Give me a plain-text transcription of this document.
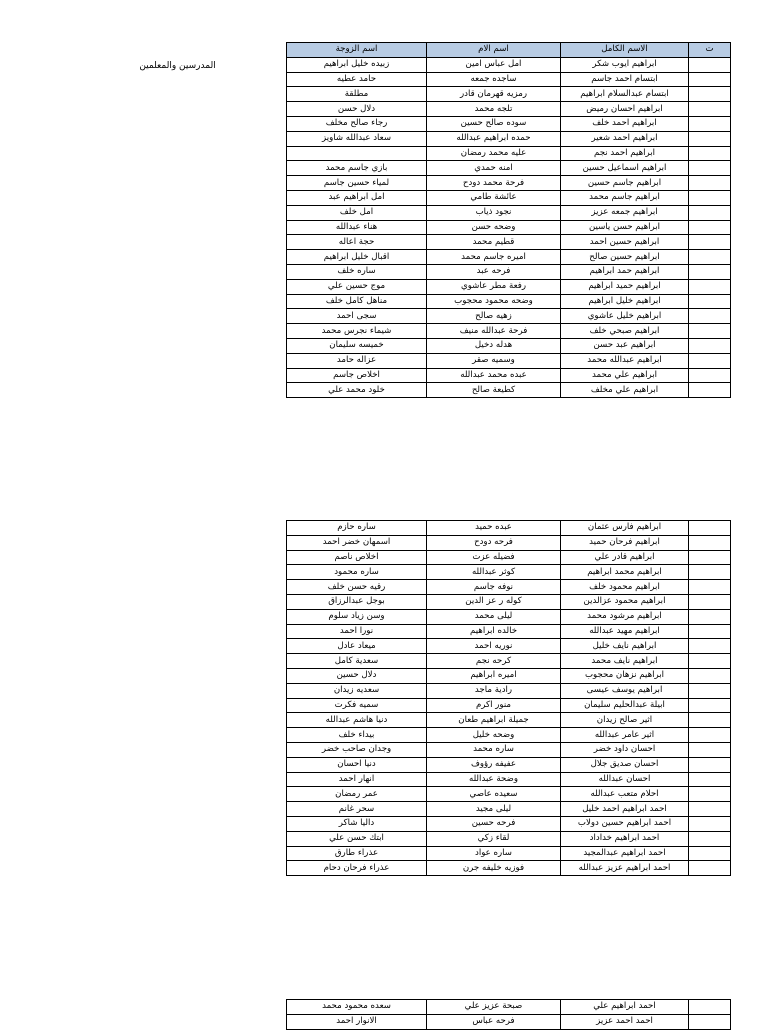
المدرسين والمعلمين
ت	الاسم الكامل	اسم الام	اسم الزوجة
	ابراهيم ايوب شكر	امل عباس امين	زبيده خليل ابراهيم
	ابتسام احمد جاسم	ساجده جمعه	حامد عطيه
	ابتسام عبدالسلام ابراهيم	رمزيه قهرمان قادر	مطلقة
	ابراهيم احسان رميض	تلجه محمد	دلال حسن
	ابراهيم احمد خلف	سوده صالح حسين	رجاء صالح مخلف
	ابراهيم احمد شعير	حمده ابراهيم عبدالله	سعاد عبدالله شاويز
	ابراهيم احمد نجم	عليه محمد رمضان	
	ابراهيم اسماعيل حسين	امنه حمدي	بازي جاسم محمد
	ابراهيم جاسم حسين	فرحة محمد دودح	لمياء حسين جاسم
	ابراهيم جاسم محمد	عائشة طامي	امل ابراهيم عبد
	ابراهيم جمعه عزيز	نجود ذياب	امل خلف
	ابراهيم حسن ياسين	وضحه حسن	هناء عبدالله
	ابراهيم حسين احمد	قطيم محمد	حجة اعاله
	ابراهيم حسين صالح	اميره جاسم محمد	اقبال خليل ابراهيم
	ابراهيم حمد ابراهيم	فرحه عبد	ساره خلف
	ابراهيم حميد ابراهيم	رفعة مطر عاشوي	موج حسين علي
	ابراهيم خليل ابراهيم	وضحه محمود محجوب	مناهل كامل خلف
	ابراهيم خليل عاشوي	زهيه صالح	سجى احمد
	ابراهيم صبحي خلف	فرحة عبدالله منيف	شيماء نجرس محمد
	ابراهيم عبد حسن	هدله دخيل	خميسه سليمان
	ابراهيم عبدالله محمد	وسميه صقر	عزاله حامد
	ابراهيم علي محمد	عبده محمد عبدالله	اخلاص جاسم
	ابراهيم علي مخلف	كطيعة صالح	خلود محمد علي
	ابراهيم فارس عثمان	عبده حميد	ساره حازم
	ابراهيم فرحان حميد	فرحه دودح	اسمهان خضر احمد
	ابراهيم قادر علي	فضيله عزت	اخلاص ناصم
	ابراهيم محمد ابراهيم	كوثر عبدالله	ساره محمود
	ابراهيم محمود خلف	نوفه جاسم	رقيه حسن خلف
	ابراهيم محمود عزالدين	كوله ر عز الدين	بوجل عبدالرزاق
	ابراهيم مرشود محمد	ليلى محمد	وسن زياد سلوم
	ابراهيم مهيد عبدالله	خالده ابراهيم	نورا احمد
	ابراهيم نايف خليل	نوريه احمد	ميعاد عادل
	ابراهيم نايف محمد	كرحه نجم	سعدية كامل
	ابراهيم نزهان محجوب	اميره ابراهيم	دلال حسين
	ابراهيم يوسف عيسى	رادية ماجد	سعديه زيدان
	ابيلة عبدالحليم سليمان	منور اكرم	سميه فكرت
	اثير صالح زيدان	جميلة ابراهيم طعان	دنيا هاشم عبدالله
	اثير عامر عبدالله	وضحه خليل	بيداء خلف
	احسان داود خضر	ساره محمد	وجدان صاحب خضر
	احسان صديق جلال	عفيفه رؤوف	دنيا احسان
	احسان عبدالله	وضحة عبدالله	انهار احمد
	احلام متعب عبدالله	سعيده عاصي	عمر رمضان
	احمد ابراهيم احمد خليل	ليلى مجيد	سحر غانم
	احمد ابراهيم حسين دولاب	فرحه حسين	داليا شاكر
	احمد ابراهيم خداداد	لقاء زكي	ابتك حسن علي
	احمد ابراهيم عبدالمجيد	ساره عواد	عذراء طارق
	احمد ابراهيم عزيز عبدالله	فوزيه خليفه جرن	عذراء فرحان دحام
	احمد ابراهيم علي	صبحة عزيز علي	سعده محمود محمد
	احمد احمد عزيز	فرحه عباس	الانوار احمد
